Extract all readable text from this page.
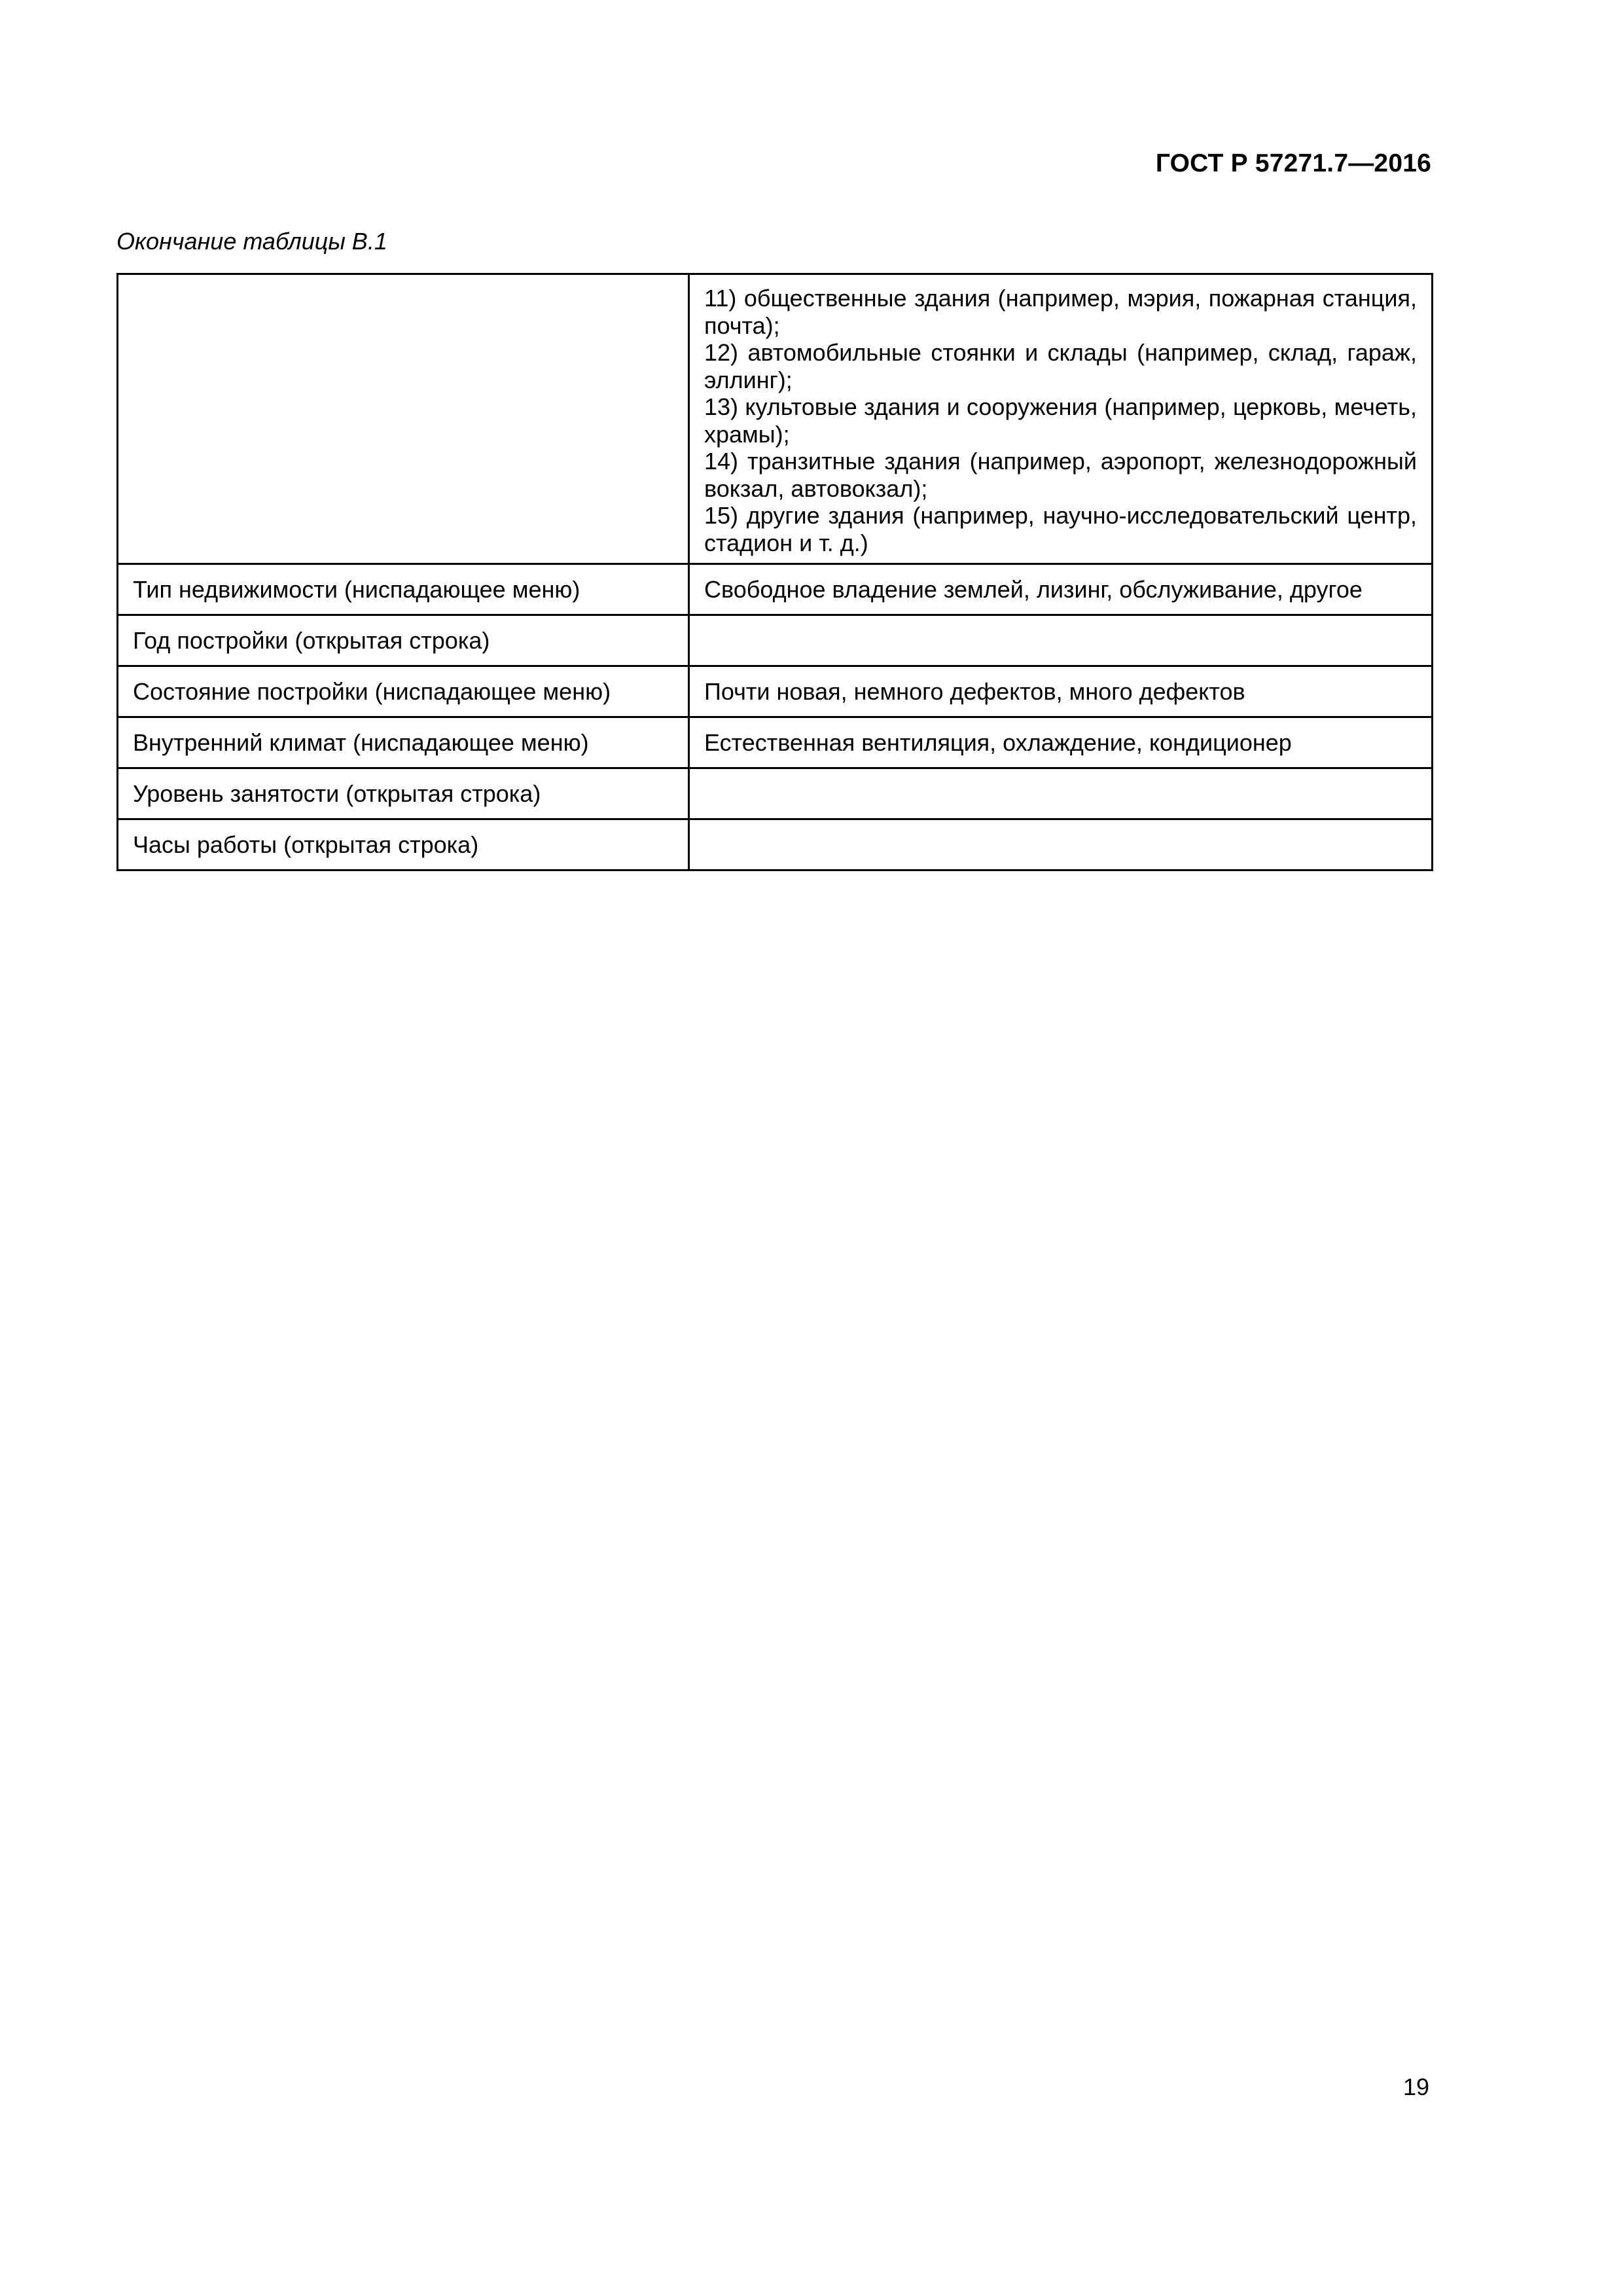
ГОСТ Р 57271.7—2016
Окончание таблицы В.1

	11) общественные здания (например, мэрия, пожарная станция, почта);
12) автомобильные стоянки и склады (например, склад, гараж, эллинг);
13) культовые здания и сооружения (например, церковь, мечеть, храмы);
14) транзитные здания (например, аэропорт, железнодорожный вокзал, автовокзал);
15) другие здания (например, научно-исследовательский центр, стадион и т. д.)

Тип недвижимости (ниспадающее меню)	Свободное владение землей, лизинг, обслуживание, другое
Год постройки (открытая строка)	
Состояние постройки (ниспадающее меню)	Почти новая, немного дефектов, много дефектов
Внутренний климат (ниспадающее меню)	Естественная вентиляция, охлаждение, кондиционер
Уровень занятости (открытая строка)	
Часы работы (открытая строка)	
19
